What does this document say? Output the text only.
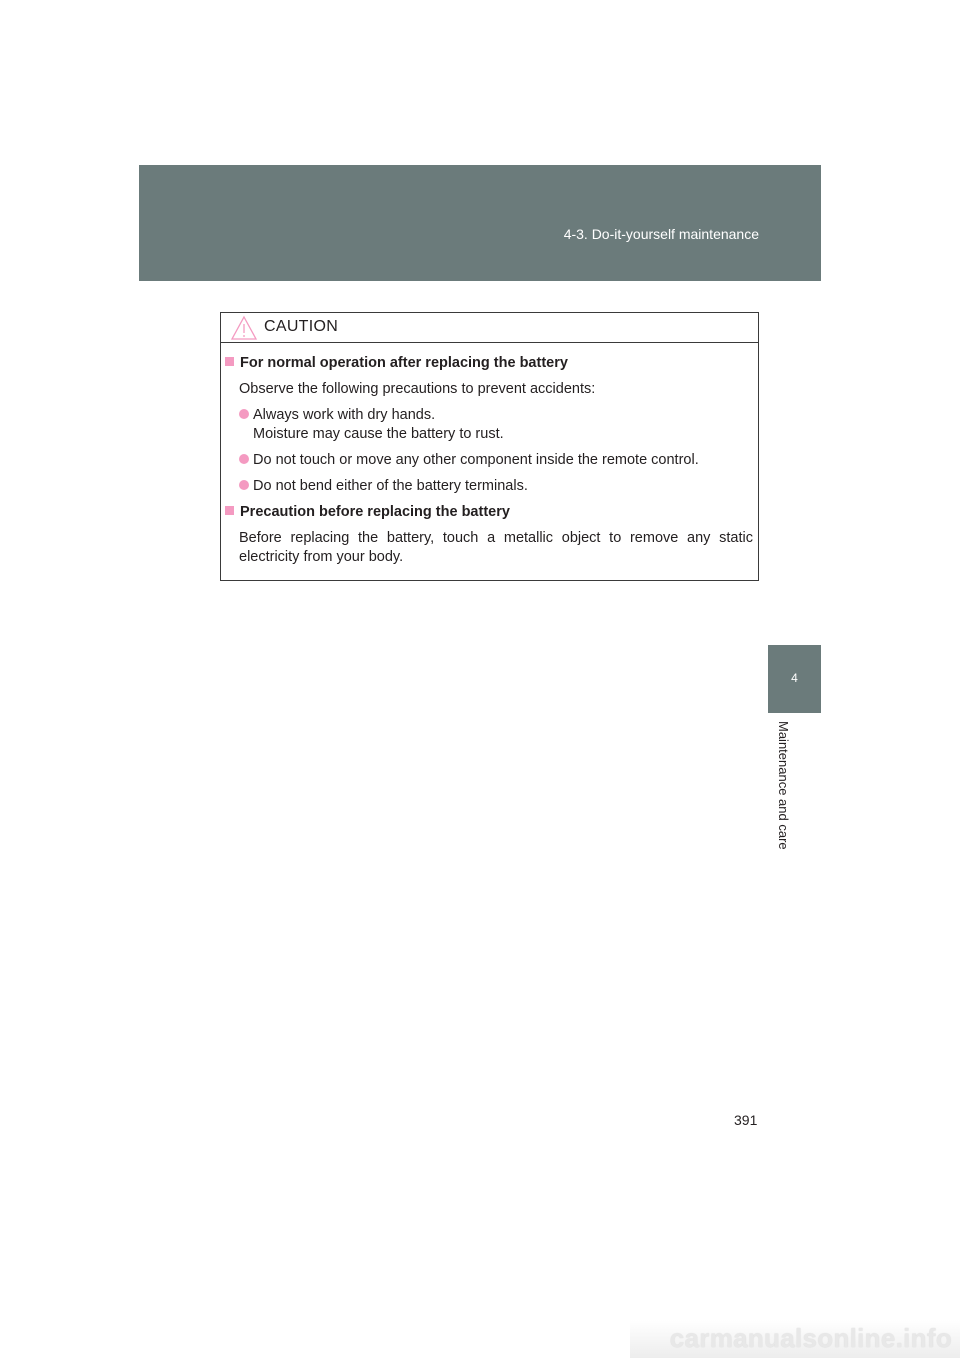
4-3. Do-it-yourself maintenance
4
Maintenance and care
CAUTION
For normal operation after replacing the battery
Observe the following precautions to prevent accidents:
Always work with dry hands.
Moisture may cause the battery to rust.
Do not touch or move any other component inside the remote control.
Do not bend either of the battery terminals.
Precaution before replacing the battery
Before replacing the battery, touch a metallic object to remove any static
electricity from your body.
391
carmanualsonline.info
